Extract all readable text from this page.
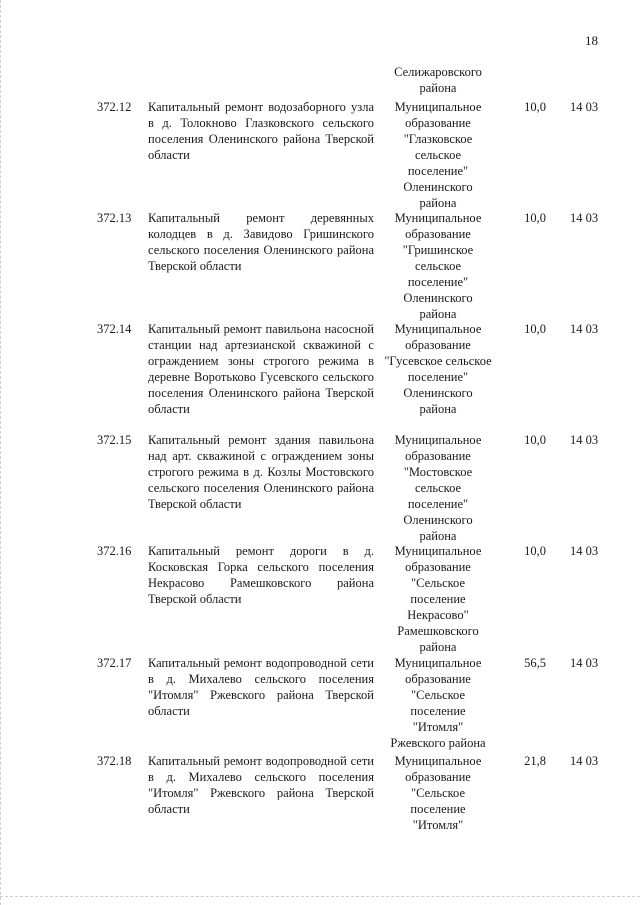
18
Селижаровского района
372.12 Капитальный ремонт водозаборного узла в д. Толокново Глазковского сельского поселения Оленинского района Тверской области
Муниципальное образование "Глазковское сельское поселение" Оленинского района
10,0 14 03
372.13 Капитальный ремонт деревянных колодцев в д. Завидово Гришинского сельского поселения Оленинского района Тверской области
Муниципальное образование "Гришинское сельское поселение" Оленинского района
10,0 14 03
372.14 Капитальный ремонт павильона насосной станции над артезианской скважиной с ограждением зоны строгого режима в деревне Воротьково Гусевского сельского поселения Оленинского района Тверской области
Муниципальное образование "Гусевское сельское поселение" Оленинского района
10,0 14 03
372.15 Капитальный ремонт здания павильона над арт. скважиной с ограждением зоны строгого режима в д. Козлы Мостовского сельского поселения Оленинского района Тверской области
Муниципальное образование "Мостовское сельское поселение" Оленинского района
10,0 14 03
372.16 Капитальный ремонт дороги в д. Косковская Горка сельского поселения Некрасово Рамешковского района Тверской области
Муниципальное образование "Сельское поселение Некрасово" Рамешковского района
10,0 14 03
372.17 Капитальный ремонт водопроводной сети в д. Михалево сельского поселения "Итомля" Ржевского района Тверской области
Муниципальное образование "Сельское поселение "Итомля" Ржевского района
56,5 14 03
372.18 Капитальный ремонт водопроводной сети в д. Михалево сельского поселения "Итомля" Ржевского района Тверской области
Муниципальное образование "Сельское поселение "Итомля"
21,8 14 03
